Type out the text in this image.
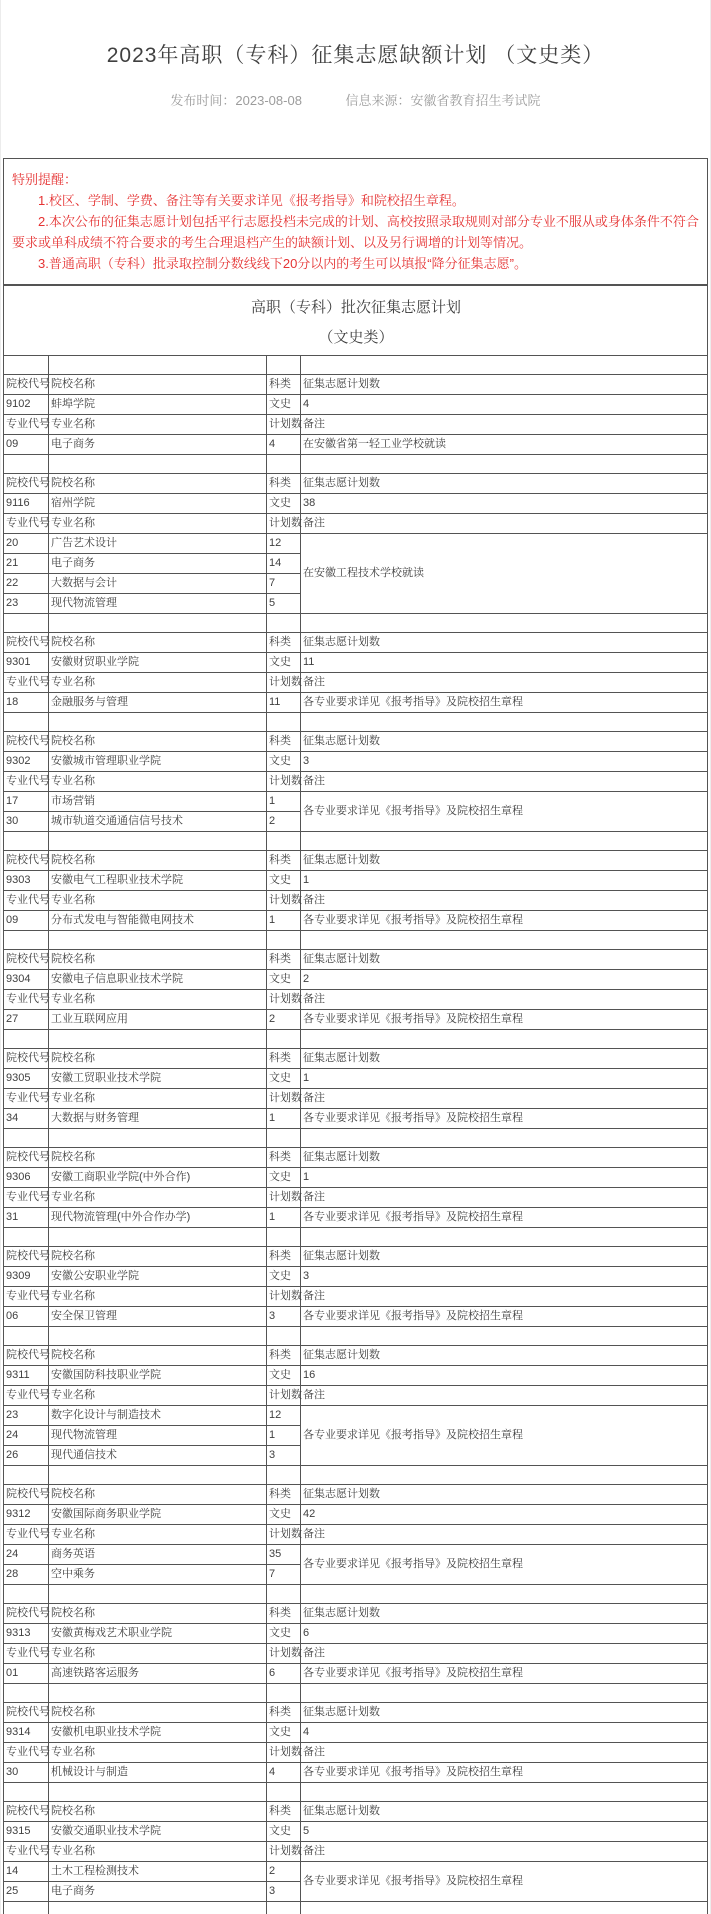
2023年高职（专科）征集志愿缺额计划 （文史类）
发布时间：2023-08-08	信息来源：安徽省教育招生考试院

特别提醒：

1.校区、学制、学费、备注等有关要求详见《报考指导》和院校招生章程。

2.本次公布的征集志愿计划包括平行志愿投档未完成的计划、高校按照录取规则对部分专业不服从或身体条件不符合要求或单科成绩不符合要求的考生合理退档产生的缺额计划、以及另行调增的计划等情况。

3.普通高职（专科）批录取控制分数线线下20分以内的考生可以填报“降分征集志愿”。

高职（专科）批次征集志愿计划
（文史类）			

院校代号	院校名称	科类	征集志愿计划数
9102	蚌埠学院	文史	4
专业代号	专业名称	计划数	备注
09	电子商务	4	在安徽省第一轻工业学校就读

院校代号	院校名称	科类	征集志愿计划数
9116	宿州学院	文史	38
专业代号	专业名称	计划数	备注
20	广告艺术设计	12	在安徽工程技术学校就读
21	电子商务	14	
22	大数据与会计	7	
23	现代物流管理	5	

院校代号	院校名称	科类	征集志愿计划数
9301	安徽财贸职业学院	文史	11
专业代号	专业名称	计划数	备注
18	金融服务与管理	11	各专业要求详见《报考指导》及院校招生章程

院校代号	院校名称	科类	征集志愿计划数
9302	安徽城市管理职业学院	文史	3
专业代号	专业名称	计划数	备注
17	市场营销	1	各专业要求详见《报考指导》及院校招生章程
30	城市轨道交通通信信号技术	2	

院校代号	院校名称	科类	征集志愿计划数
9303	安徽电气工程职业技术学院	文史	1
专业代号	专业名称	计划数	备注
09	分布式发电与智能微电网技术	1	各专业要求详见《报考指导》及院校招生章程

院校代号	院校名称	科类	征集志愿计划数
9304	安徽电子信息职业技术学院	文史	2
专业代号	专业名称	计划数	备注
27	工业互联网应用	2	各专业要求详见《报考指导》及院校招生章程

院校代号	院校名称	科类	征集志愿计划数
9305	安徽工贸职业技术学院	文史	1
专业代号	专业名称	计划数	备注
34	大数据与财务管理	1	各专业要求详见《报考指导》及院校招生章程

院校代号	院校名称	科类	征集志愿计划数
9306	安徽工商职业学院(中外合作)	文史	1
专业代号	专业名称	计划数	备注
31	现代物流管理(中外合作办学)	1	各专业要求详见《报考指导》及院校招生章程

院校代号	院校名称	科类	征集志愿计划数
9309	安徽公安职业学院	文史	3
专业代号	专业名称	计划数	备注
06	安全保卫管理	3	各专业要求详见《报考指导》及院校招生章程

院校代号	院校名称	科类	征集志愿计划数
9311	安徽国防科技职业学院	文史	16
专业代号	专业名称	计划数	备注
23	数字化设计与制造技术	12	各专业要求详见《报考指导》及院校招生章程
24	现代物流管理	1	
26	现代通信技术	3	

院校代号	院校名称	科类	征集志愿计划数
9312	安徽国际商务职业学院	文史	42
专业代号	专业名称	计划数	备注
24	商务英语	35	各专业要求详见《报考指导》及院校招生章程
28	空中乘务	7	

院校代号	院校名称	科类	征集志愿计划数
9313	安徽黄梅戏艺术职业学院	文史	6
专业代号	专业名称	计划数	备注
01	高速铁路客运服务	6	各专业要求详见《报考指导》及院校招生章程

院校代号	院校名称	科类	征集志愿计划数
9314	安徽机电职业技术学院	文史	4
专业代号	专业名称	计划数	备注
30	机械设计与制造	4	各专业要求详见《报考指导》及院校招生章程

院校代号	院校名称	科类	征集志愿计划数
9315	安徽交通职业技术学院	文史	5
专业代号	专业名称	计划数	备注
14	土木工程检测技术	2	各专业要求详见《报考指导》及院校招生章程
25	电子商务	3	
